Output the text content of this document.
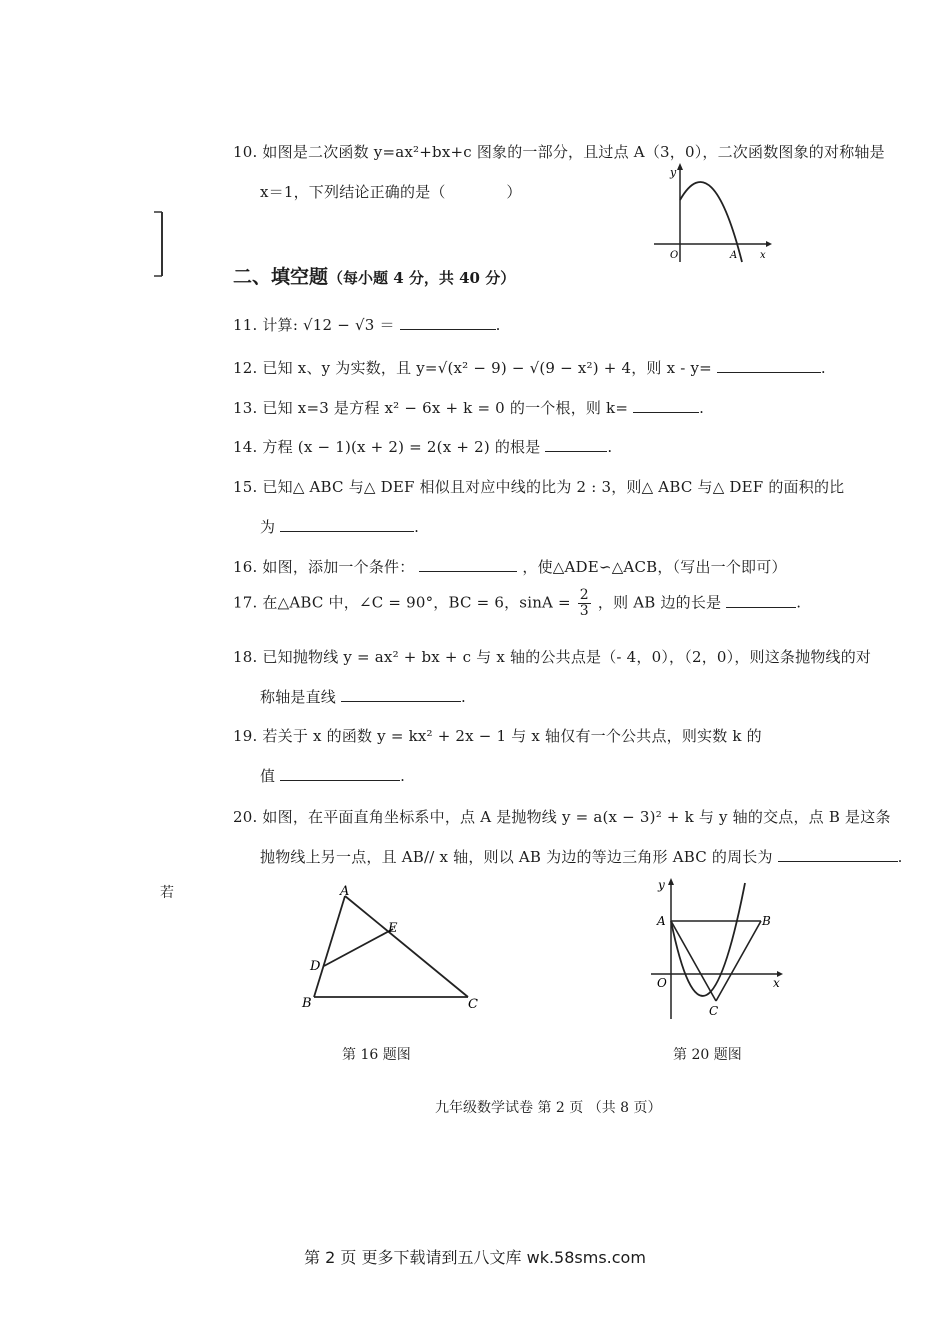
10. 如图是二次函数 y=ax²+bx+c 图象的一部分，且过点 A（3，0），二次函数图象的对称轴是
x＝1，下列结论正确的是（　　　　）
y
O	A x
二、填空题（每小题 4 分，共 40 分）
11. 计算: √12 − √3 ＝	.
12. 已知 x、y 为实数，且 y=√(x² − 9) − √(9 − x²) + 4，则 x - y=	.
13. 已知 x=3 是方程 x² − 6x + k = 0 的一个根，则 k=	.
14. 方程 (x − 1)(x + 2) = 2(x + 2) 的根是	.
15. 已知△ ABC 与△ DEF 相似且对应中线的比为 2 : 3，则△ ABC 与△ DEF 的面积的比
为	.
16. 如图，添加一个条件：	，使△ADE∽△ACB，（写出一个即可）
17. 在△ABC 中，∠C = 90°，BC = 6，$\sin A = \frac{2}{3}$ ，则 AB 边的长是	.
18. 已知抛物线 y = ax² + bx + c 与 x 轴的公共点是（- 4，0），（2，0），则这条抛物线的对
称轴是直线	.
19. 若关于 x 的函数 y = kx² + 2x − 1 与 x 轴仅有一个公共点，则实数 k 的
值	.
20. 如图，在平面直角坐标系中，点 A 是抛物线 y = a(x − 3)² + k 与 y 轴的交点，点 B 是这条
抛物线上另一点，且 AB// x 轴，则以 AB 为边的等边三角形 ABC 的周长为	.
若	A
B	C
D
E
y
x
O
A	B
C
第 16 题图	第 20 题图
九年级数学试卷 第 2 页 （共 8 页）
第 2 页 更多下载请到五八文库 wk.58sms.com
